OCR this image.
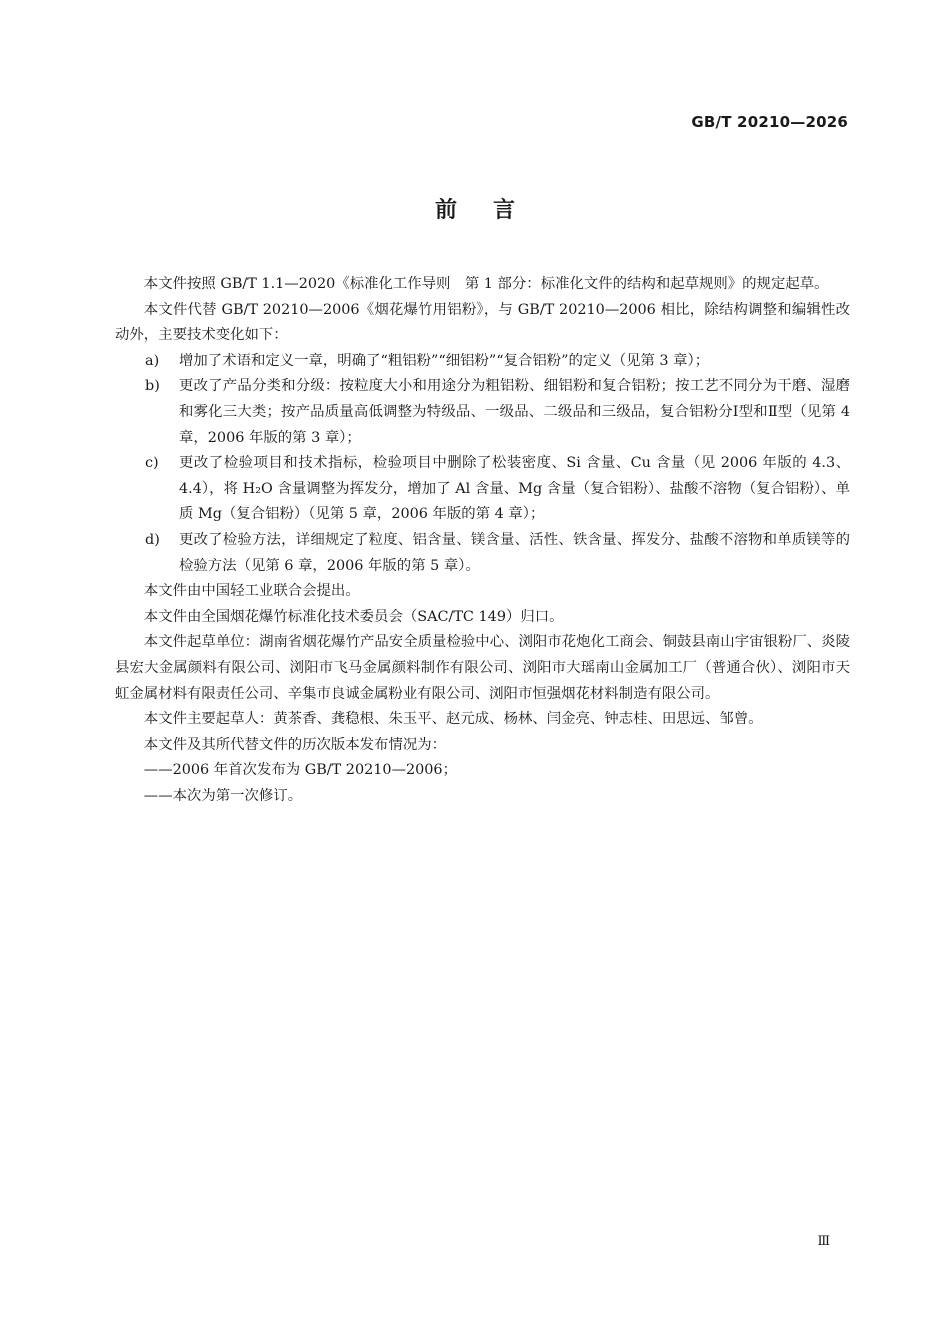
GB/T 20210—2026
前言

本文件按照 GB/T 1.1—2020《标准化工作导则　第 1 部分：标准化文件的结构和起草规则》的规定起草。

本文件代替 GB/T 20210—2006《烟花爆竹用铝粉》，与 GB/T 20210—2006 相比，除结构调整和编辑性改动外，主要技术变化如下：

a)	增加了术语和定义一章，明确了“粗铝粉”“细铝粉”“复合铝粉”的定义（见第 3 章）；
b)	更改了产品分类和分级：按粒度大小和用途分为粗铝粉、细铝粉和复合铝粉；按工艺不同分为干磨、湿磨和雾化三大类；按产品质量高低调整为特级品、一级品、二级品和三级品，复合铝粉分Ⅰ型和Ⅱ型（见第 4 章，2006 年版的第 3 章）；
c)	更改了检验项目和技术指标，检验项目中删除了松装密度、Si 含量、Cu 含量（见 2006 年版的 4.3、4.4），将 H₂O 含量调整为挥发分，增加了 Al 含量、Mg 含量（复合铝粉）、盐酸不溶物（复合铝粉）、单质 Mg（复合铝粉）（见第 5 章，2006 年版的第 4 章）；
d)	更改了检验方法，详细规定了粒度、铝含量、镁含量、活性、铁含量、挥发分、盐酸不溶物和单质镁等的检验方法（见第 6 章，2006 年版的第 5 章）。

本文件由中国轻工业联合会提出。

本文件由全国烟花爆竹标准化技术委员会（SAC/TC 149）归口。

本文件起草单位：湖南省烟花爆竹产品安全质量检验中心、浏阳市花炮化工商会、铜鼓县南山宇宙银粉厂、炎陵县宏大金属颜料有限公司、浏阳市飞马金属颜料制作有限公司、浏阳市大瑶南山金属加工厂（普通合伙）、浏阳市天虹金属材料有限责任公司、辛集市良诚金属粉业有限公司、浏阳市恒强烟花材料制造有限公司。

本文件主要起草人：黄茶香、龚稳根、朱玉平、赵元成、杨林、闫金亮、钟志桂、田思远、邹曾。

本文件及其所代替文件的历次版本发布情况为：

——2006 年首次发布为 GB/T 20210—2006；

——本次为第一次修订。

Ⅲ
